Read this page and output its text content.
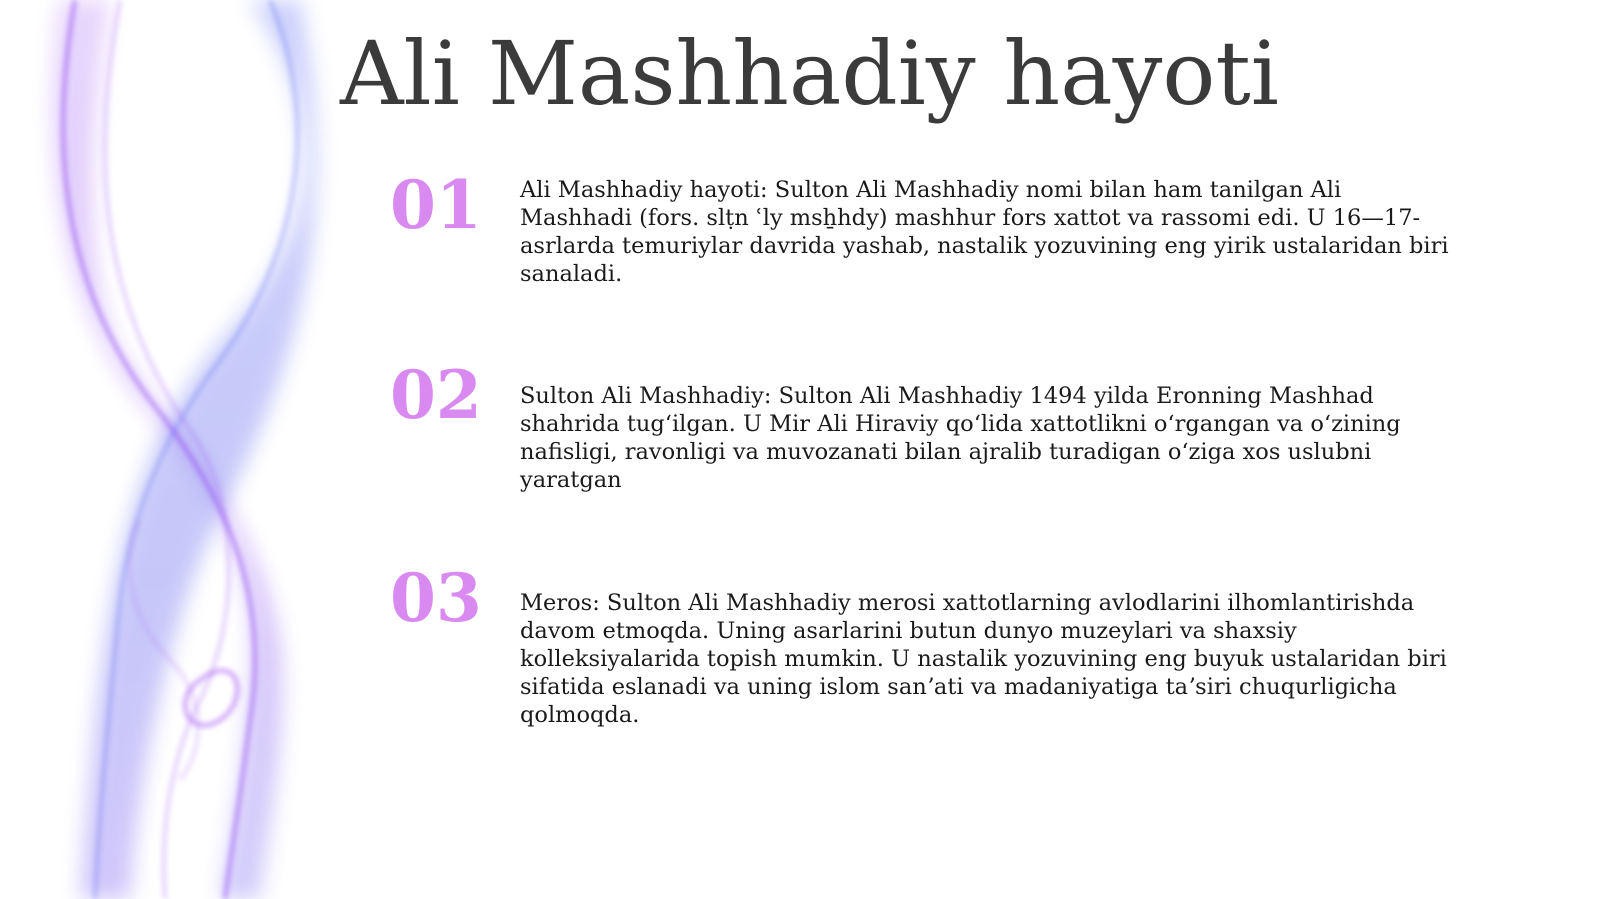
Ali Mashhadiy hayoti
01 Ali Mashhadiy hayoti: Sulton Ali Mashhadiy nomi bilan ham tanilgan Ali Mashhadi (fors. slṭn ʿly msẖhdy) mashhur fors xattot va rassomi edi. U 16—17-asrlarda temuriylar davrida yashab, nastalik yozuvining eng yirik ustalaridan biri sanaladi.
02 Sulton Ali Mashhadiy: Sulton Ali Mashhadiy 1494 yilda Eronning Mashhad shahrida tugʻilgan. U Mir Ali Hiraviy qoʻlida xattotlikni oʻrgangan va oʻzining nafisligi, ravonligi va muvozanati bilan ajralib turadigan oʻziga xos uslubni yaratgan
03 Meros: Sulton Ali Mashhadiy merosi xattotlarning avlodlarini ilhomlantirishda davom etmoqda. Uning asarlarini butun dunyo muzeylari va shaxsiy kolleksiyalarida topish mumkin. U nastalik yozuvining eng buyuk ustalaridan biri sifatida eslanadi va uning islom sanʼati va madaniyatiga taʼsiri chuqurligicha qolmoqda.
